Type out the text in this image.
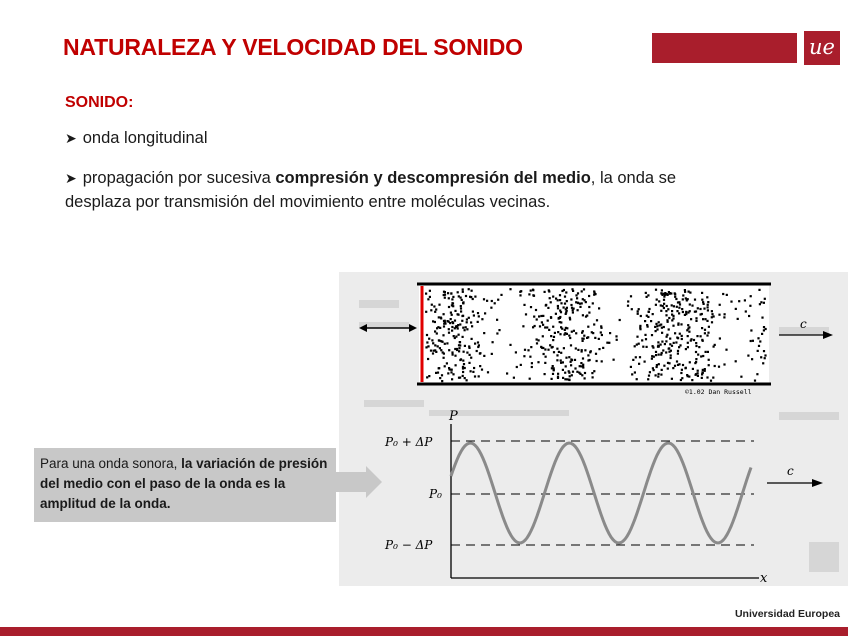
NATURALEZA Y VELOCIDAD DEL SONIDO	ue
SONIDO:
➤ onda longitudinal
➤ propagación por sucesiva compresión y descompresión del medio, la onda se desplaza por transmisión del movimiento entre moléculas vecinas.
©1.02 Dan Russell
c
P
x
P₀ + ΔP
P₀
P₀ − ΔP
c
Para una onda sonora, la variación de presión del medio con el paso de la onda es la amplitud de la onda.
Universidad Europea
